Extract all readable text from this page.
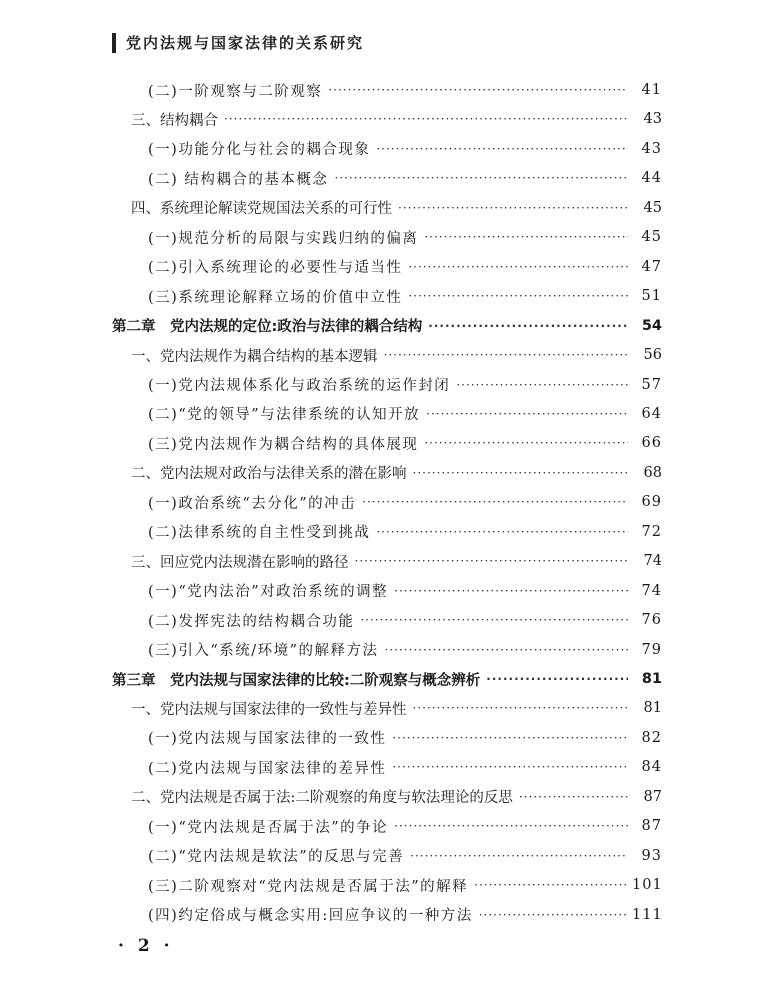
党内法规与国家法律的关系研究
(二)一阶观察与二阶观察 ·····	41
三、结构耦合 ·····	43
(一)功能分化与社会的耦合现象 ·····	43
(二) 结构耦合的基本概念 ·····	44
四、系统理论解读党规国法关系的可行性 ·····	45
(一)规范分析的局限与实践归纳的偏离 ·····	45
(二)引入系统理论的必要性与适当性 ·····	47
(三)系统理论解释立场的价值中立性 ·····	51
第二章　党内法规的定位:政治与法律的耦合结构 ·····	54
一、党内法规作为耦合结构的基本逻辑 ·····	56
(一)党内法规体系化与政治系统的运作封闭 ·····	57
(二)“党的领导”与法律系统的认知开放 ·····	64
(三)党内法规作为耦合结构的具体展现 ·····	66
二、党内法规对政治与法律关系的潜在影响 ·····	68
(一)政治系统“去分化”的冲击 ·····	69
(二)法律系统的自主性受到挑战 ·····	72
三、回应党内法规潜在影响的路径 ·····	74
(一)“党内法治”对政治系统的调整 ·····	74
(二)发挥宪法的结构耦合功能 ·····	76
(三)引入“系统/环境”的解释方法 ·····	79
第三章　党内法规与国家法律的比较:二阶观察与概念辨析 ·····	81
一、党内法规与国家法律的一致性与差异性 ·····	81
(一)党内法规与国家法律的一致性 ·····	82
(二)党内法规与国家法律的差异性 ·····	84
二、党内法规是否属于法:二阶观察的角度与软法理论的反思 ·····	87
(一)“党内法规是否属于法”的争论 ·····	87
(二)“党内法规是软法”的反思与完善 ·····	93
(三)二阶观察对“党内法规是否属于法”的解释 ·····	101
(四)约定俗成与概念实用:回应争议的一种方法 ·····	111
· 2 ·
